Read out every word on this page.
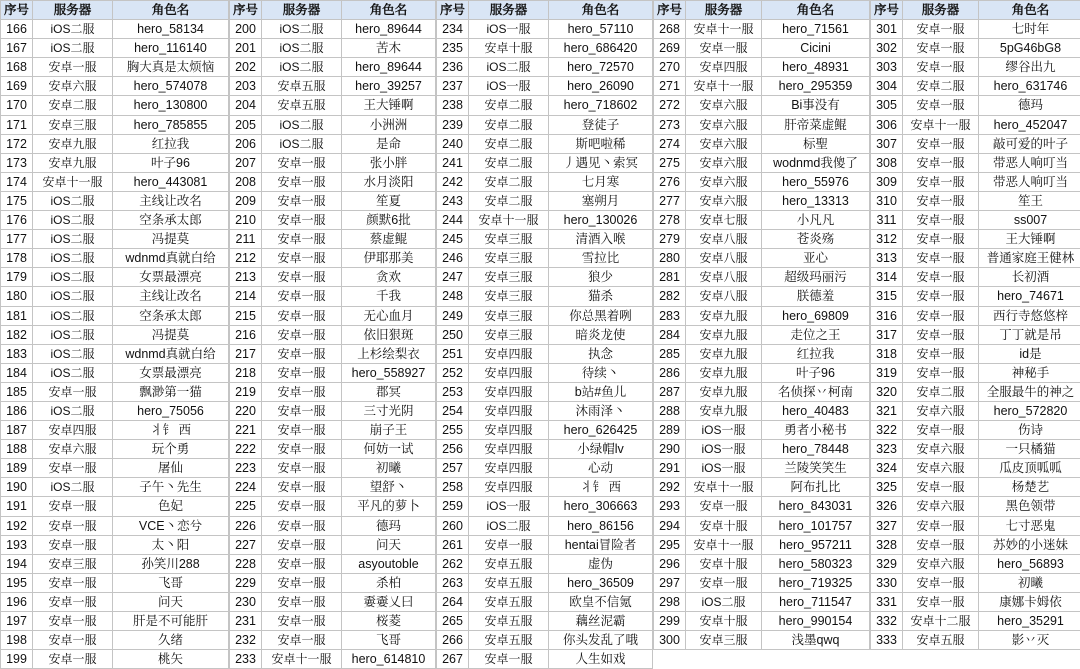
序号	服务器	角色名
166	iOS二服	hero_58134
167	iOS二服	hero_116140
168	安卓一服	胸大真是太烦恼
169	安卓六服	hero_574078
170	安卓二服	hero_130800
171	安卓三服	hero_785855
172	安卓九服	红拉我
173	安卓九服	叶子96
174	安卓十一服	hero_443081
175	iOS二服	主线让改名
176	iOS二服	空条承太郎
177	iOS二服	冯提莫
178	iOS二服	wdnmd真就白给
179	iOS二服	女票最漂亮
180	iOS二服	主线让改名
181	iOS二服	空条承太郎
182	iOS二服	冯提莫
183	iOS二服	wdnmd真就白给
184	iOS二服	女票最漂亮
185	安卓一服	飘渺第一猫
186	iOS二服	hero_75056
187	安卓四服	丬钅 西
188	安卓六服	玩个勇
189	安卓一服	屠仙
190	iOS二服	子午丶先生
191	安卓一服	色妃
192	安卓一服	VCE丶恋兮
193	安卓一服	太丶阳
194	安卓三服	孙笑川288
195	安卓一服	飞哥
196	安卓一服	问天
197	安卓一服	肝是不可能肝
198	安卓一服	久绪
199	安卓一服	桃矢
序号	服务器	角色名
200	iOS二服	hero_89644
201	iOS二服	苦木
202	iOS二服	hero_89644
203	安卓五服	hero_39257
204	安卓五服	王大锤啊
205	iOS二服	小洲洲
206	iOS二服	是命
207	安卓一服	张小胖
208	安卓一服	水月淡阳
209	安卓一服	笙夏
210	安卓一服	颜默6批
211	安卓一服	蔡虚鲲
212	安卓一服	伊耶那美
213	安卓一服	贪欢
214	安卓一服	千我
215	安卓一服	无心血月
216	安卓一服	依旧狠斑
217	安卓一服	上杉绘梨衣
218	安卓一服	hero_558927
219	安卓一服	郡冥
220	安卓一服	三寸光阴
221	安卓一服	崩子王
222	安卓一服	何妨一试
223	安卓一服	初曦
224	安卓一服	望舒丶
225	安卓一服	平凡的萝卜
226	安卓一服	德玛
227	安卓一服	问天
228	安卓一服	asyoutoble
229	安卓一服	杀柏
230	安卓一服	嫑嫑乂曰
231	安卓一服	桜菱
232	安卓一服	飞哥
233	安卓十一服	hero_614810
序号	服务器	角色名
234	iOS一服	hero_57110
235	安卓十服	hero_686420
236	iOS二服	hero_72570
237	iOS一服	hero_26090
238	安卓二服	hero_718602
239	安卓二服	登徒子
240	安卓二服	斯吧啦稀
241	安卓二服	丿遇见丶索冥
242	安卓二服	七月寒
243	安卓二服	塞朔月
244	安卓十一服	hero_130026
245	安卓三服	清酒入喉
246	安卓三服	雪拉比
247	安卓三服	狼少
248	安卓三服	猫杀
249	安卓三服	你总黑着咧
250	安卓三服	暗炎龙使
251	安卓四服	执念
252	安卓四服	待续丶
253	安卓四服	b站#鱼儿
254	安卓四服	沐雨泽丶
255	安卓四服	hero_626425
256	安卓四服	小绿帽lv
257	安卓四服	心动
258	安卓四服	丬钅 西
259	iOS一服	hero_306663
260	iOS二服	hero_86156
261	安卓一服	hentai冒险者
262	安卓五服	虚伪
263	安卓五服	hero_36509
264	安卓五服	欧皇不信氪
265	安卓五服	藕丝泥霸
266	安卓五服	你头发乱了哦
267	安卓一服	人生如戏
序号	服务器	角色名
268	安卓十一服	hero_71561
269	安卓一服	Cicini
270	安卓四服	hero_48931
271	安卓十一服	hero_295359
272	安卓六服	Bi事没有
273	安卓六服	肝帝菜虚鲲
274	安卓六服	标聖
275	安卓六服	wodnmd我傻了
276	安卓六服	hero_55976
277	安卓六服	hero_13313
278	安卓七服	小凡凡
279	安卓八服	苍炎殇
280	安卓八服	亚心
281	安卓八服	超级玛丽污
282	安卓八服	朕德羞
283	安卓九服	hero_69809
284	安卓九服	走位之王
285	安卓九服	红拉我
286	安卓九服	叶子96
287	安卓九服	名侦探丷柯南
288	安卓九服	hero_40483
289	iOS一服	勇者小秘书
290	iOS一服	hero_78448
291	iOS一服	兰陵笑笑生
292	安卓十一服	阿布扎比
293	安卓一服	hero_843031
294	安卓十服	hero_101757
295	安卓十一服	hero_957211
296	安卓十服	hero_580323
297	安卓一服	hero_719325
298	iOS二服	hero_711547
299	安卓十服	hero_990154
300	安卓三服	浅墨qwq

序号	服务器	角色名
301	安卓一服	七时年
302	安卓一服	5pG46bG8
303	安卓一服	缪谷出九
304	安卓二服	hero_631746
305	安卓一服	德玛
306	安卓十一服	hero_452047
307	安卓一服	敲可爱的叶子
308	安卓一服	带恶人响叮当
309	安卓一服	带恶人响叮当
310	安卓一服	笙王
311	安卓一服	ss007
312	安卓一服	王大锤啊
313	安卓一服	普通家庭王健林
314	安卓一服	长初酒
315	安卓一服	hero_74671
316	安卓一服	西行寺悠悠梓
317	安卓一服	丁丁就是吊
318	安卓一服	id是
319	安卓一服	神秘手
320	安卓二服	全服最牛的神之
321	安卓六服	hero_572820
322	安卓一服	伤诗
323	安卓六服	一只橘猫
324	安卓六服	瓜皮顶呱呱
325	安卓一服	杨楚艺
326	安卓六服	黑色领带
327	安卓一服	七寸恶鬼
328	安卓一服	苏妙的小迷妹
329	安卓六服	hero_56893
330	安卓一服	初曦
331	安卓一服	康娜卡姆依
332	安卓十二服	hero_35291
333	安卓五服	影丷灭
